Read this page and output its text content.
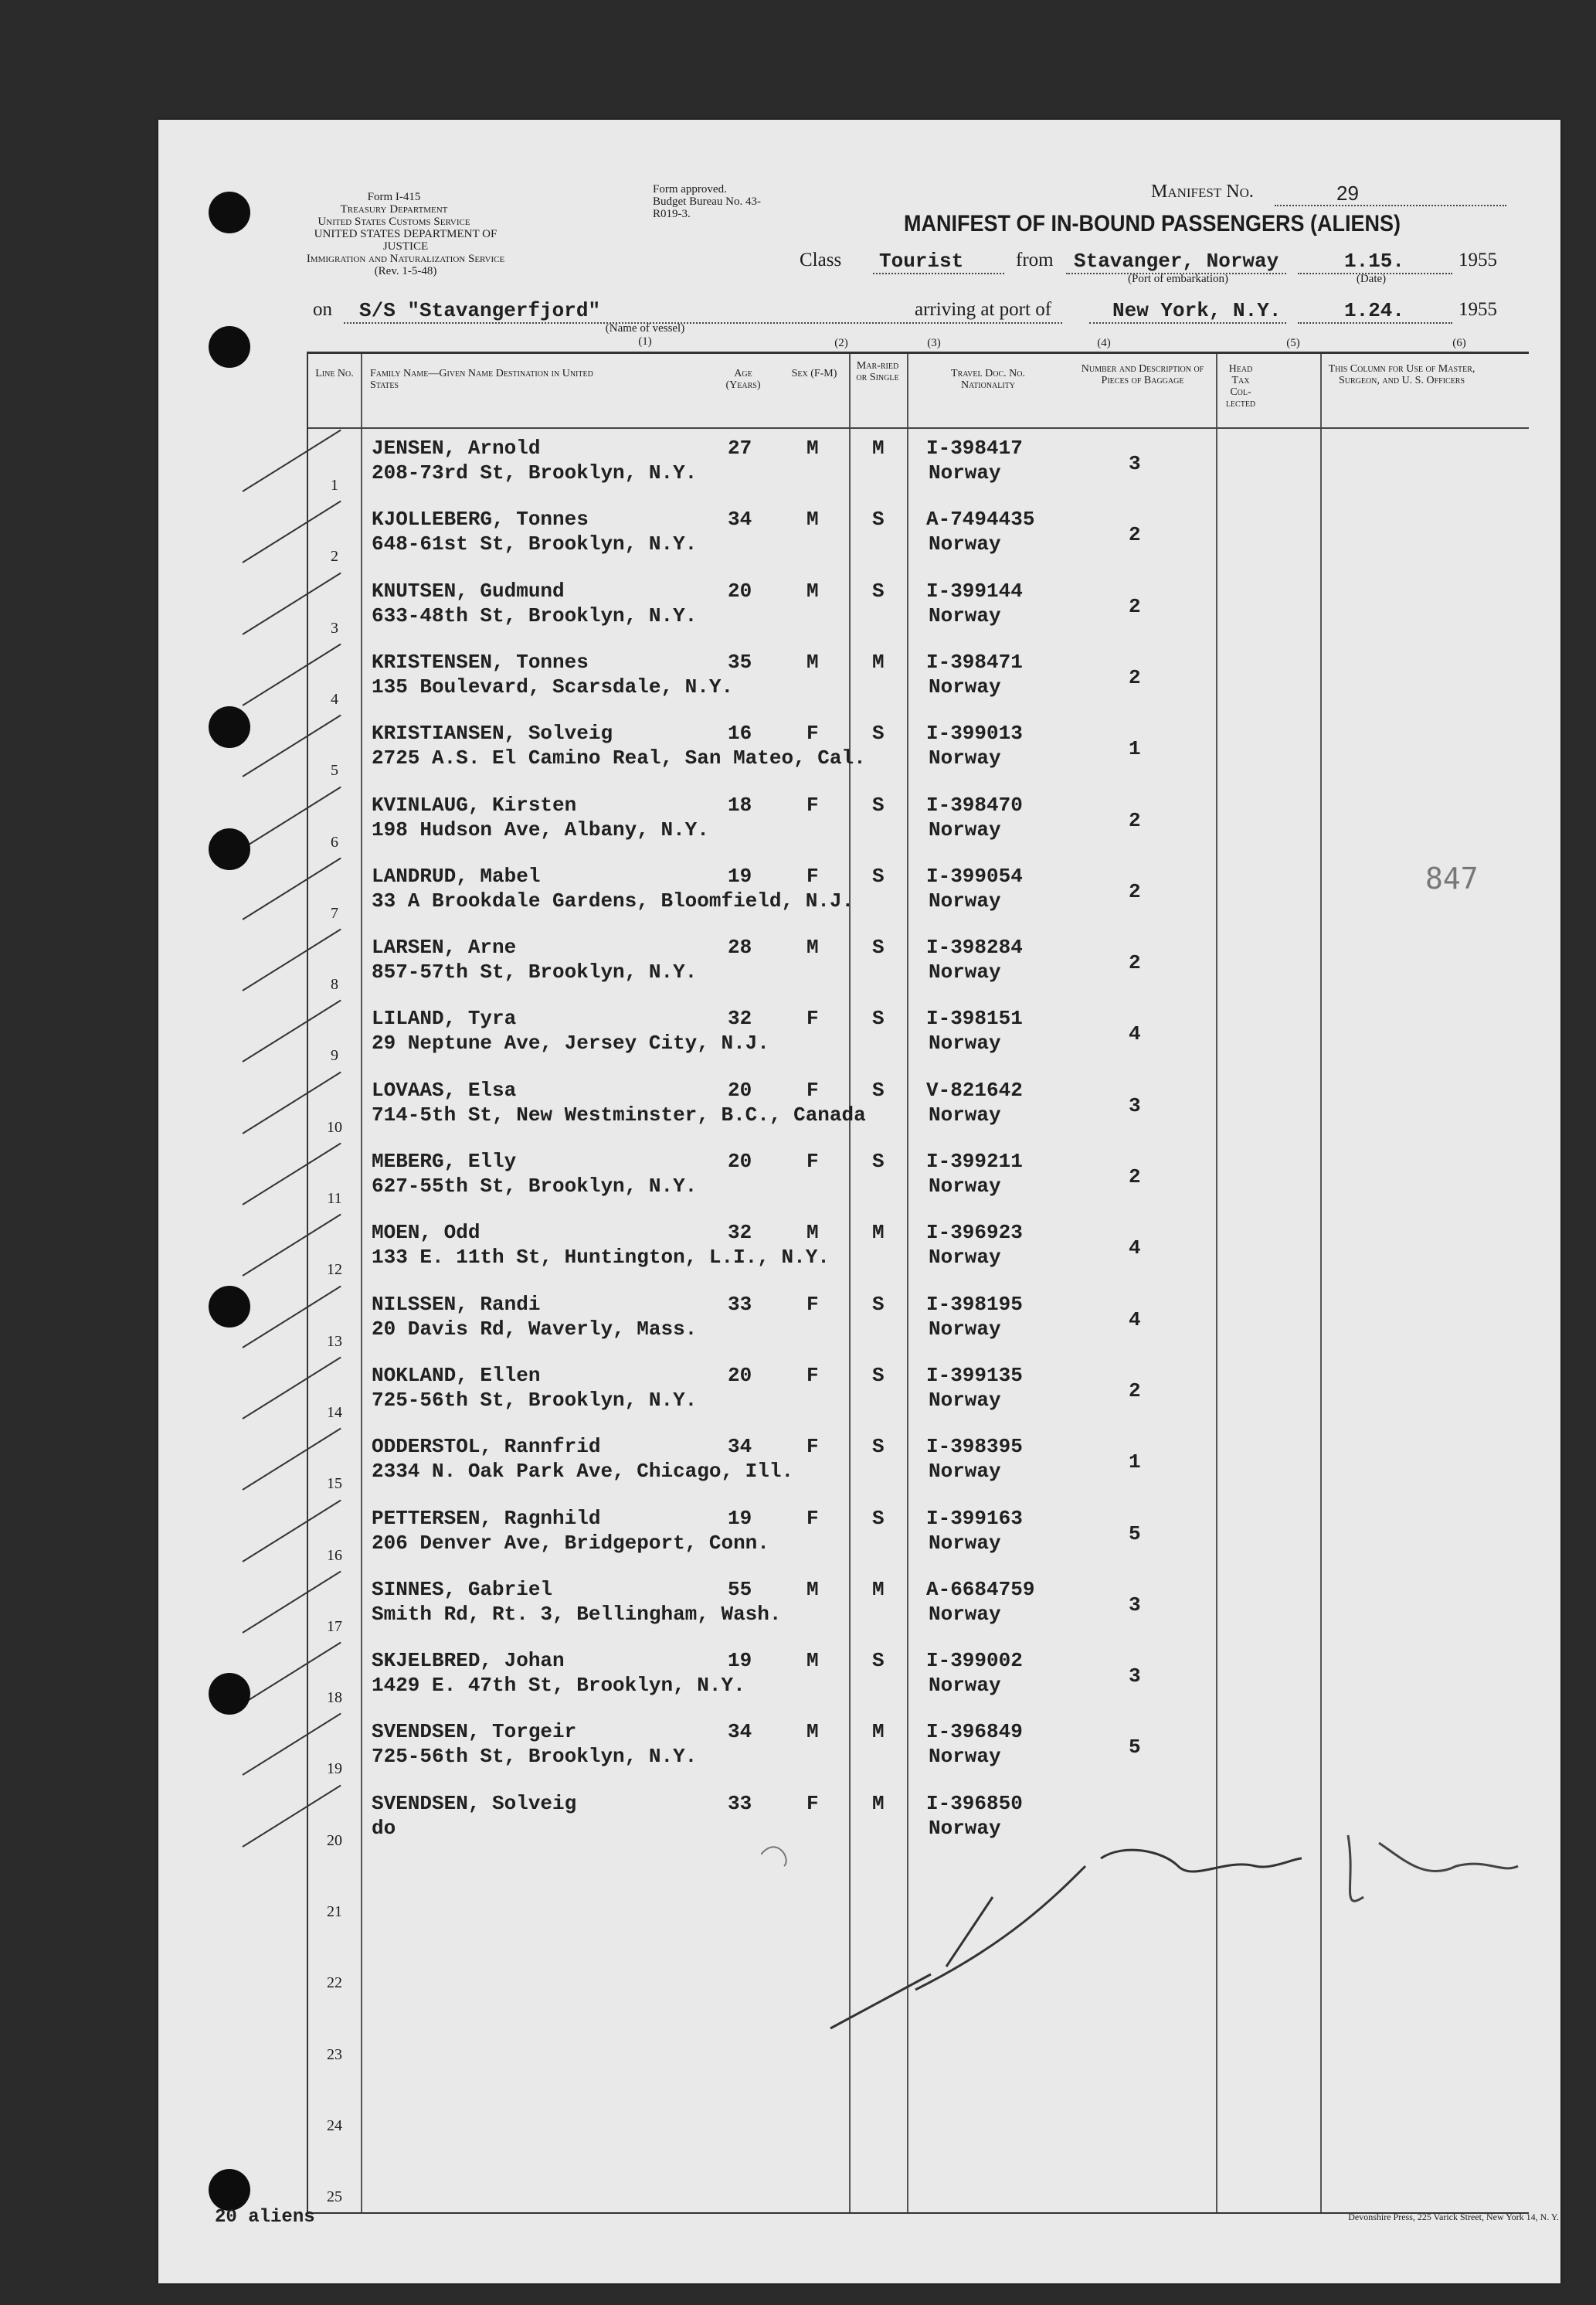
Form I-415
Treasury Department
United States Customs Service
Form approved.
Budget Bureau No. 43-R019-3.
UNITED STATES DEPARTMENT OF JUSTICE
Immigration and Naturalization Service
(Rev. 1-5-48)
Manifest No.	29
MANIFEST OF IN-BOUND PASSENGERS (ALIENS)
Class	Tourist	from	Stavanger, Norway
(Port of embarkation)
1.15.	1955
(Date)
on	S/S "Stavangerfjord"
(Name of vessel)
(1)
arriving at port of	New York, N.Y.	1.24.	1955
(2)	(3)	(4)	(5)	(6)
Line No.	Family Name—Given Name Destination in United States
Age (Years)
Sex (F-M)
Mar-ried or Single	Travel Doc. No. Nationality
Number and Description of Pieces of Baggage
Head Tax Col-lected
This Column for Use of Master, Surgeon, and U. S. Officers
1
JENSEN, Arnold
208-73rd St, Brooklyn, N.Y.
27	M	M I-398417
Norway	3
2
KJOLLEBERG, Tonnes
648-61st St, Brooklyn, N.Y.
34	M	S A-7494435
Norway	2
3
KNUTSEN, Gudmund
633-48th St, Brooklyn, N.Y.
20	M	S I-399144
Norway	2
4
KRISTENSEN, Tonnes
135 Boulevard, Scarsdale, N.Y.
35	M	M I-398471
Norway	2
5
KRISTIANSEN, Solveig
2725 A.S. El Camino Real, San Mateo, Cal.
16	F	S I-399013
Norway	1
6
KVINLAUG, Kirsten
198 Hudson Ave, Albany, N.Y.
18	F	S I-398470
Norway	2
7
LANDRUD, Mabel
33 A Brookdale Gardens, Bloomfield, N.J.
19	F	S I-399054
Norway	2
8
LARSEN, Arne
857-57th St, Brooklyn, N.Y.
28	M	S I-398284
Norway	2
9
LILAND, Tyra
29 Neptune Ave, Jersey City, N.J.
32	F	S I-398151
Norway	4
10
LOVAAS, Elsa
714-5th St, New Westminster, B.C., Canada
20	F	S V-821642
Norway	3
11
MEBERG, Elly
627-55th St, Brooklyn, N.Y.
20	F	S I-399211
Norway	2
12
MOEN, Odd
133 E. 11th St, Huntington, L.I., N.Y.
32	M	M I-396923
Norway	4
13
NILSSEN, Randi
20 Davis Rd, Waverly, Mass.
33	F	S I-398195
Norway	4
14
NOKLAND, Ellen
725-56th St, Brooklyn, N.Y.
20	F	S I-399135
Norway	2
15
ODDERSTOL, Rannfrid
2334 N. Oak Park Ave, Chicago, Ill.
34	F	S I-398395
Norway	1
16
PETTERSEN, Ragnhild
206 Denver Ave, Bridgeport, Conn.
19	F	S I-399163
Norway	5
17
SINNES, Gabriel
Smith Rd, Rt. 3, Bellingham, Wash.
55	M	M A-6684759
Norway	3
18
SKJELBRED, Johan
1429 E. 47th St, Brooklyn, N.Y.
19	M	S I-399002
Norway	3
19
SVENDSEN, Torgeir
725-56th St, Brooklyn, N.Y.
34	M	M I-396849
Norway	5
20
SVENDSEN, Solveig
do
33	F	M I-396850
Norway
21
22
23
24
25
847
20 aliens	Devonshire Press, 225 Varick Street, New York 14, N. Y.
